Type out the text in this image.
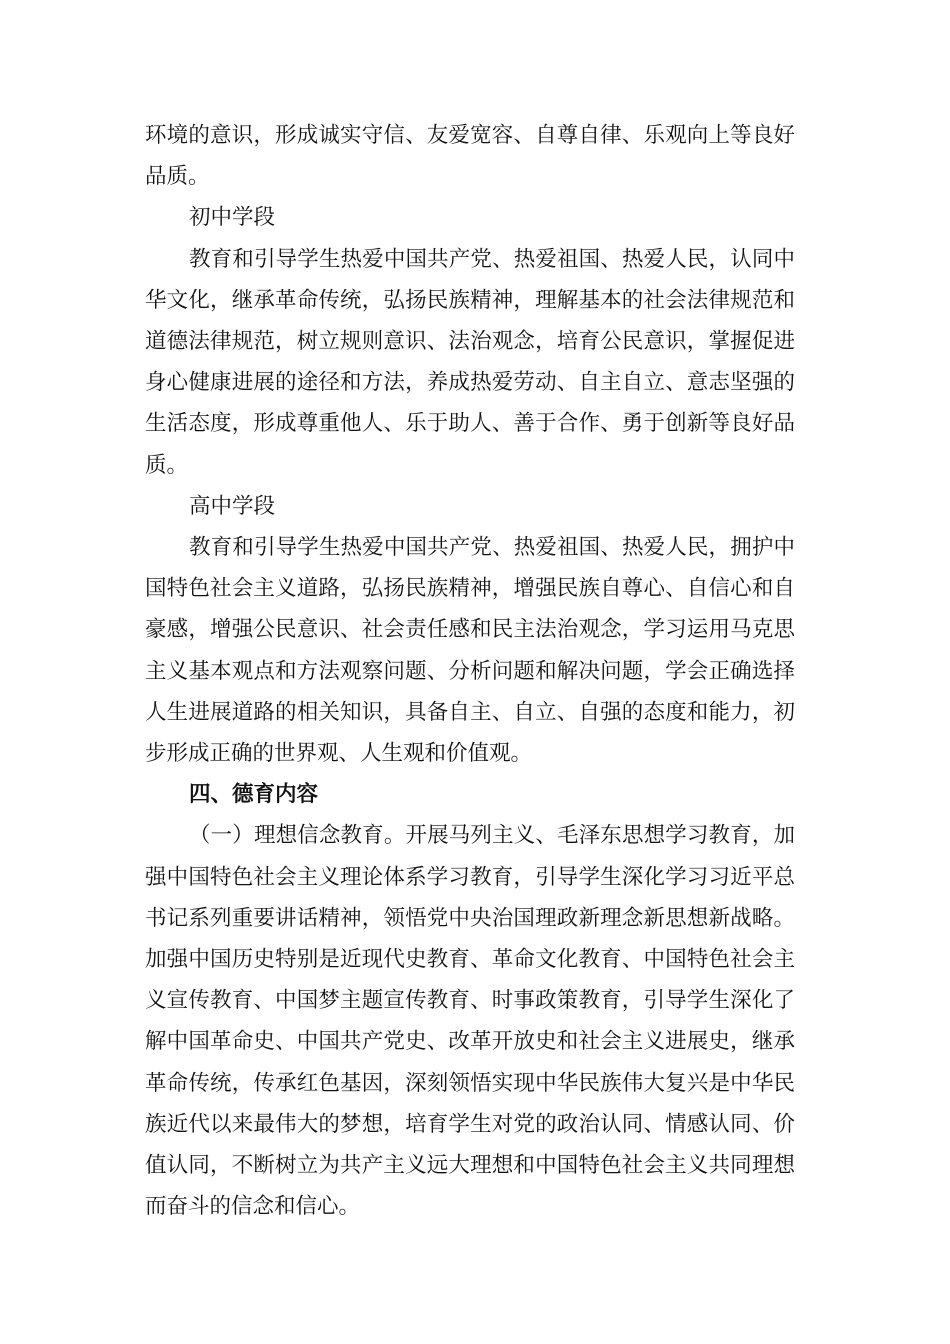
环境的意识，形成诚实守信、友爱宽容、自尊自律、乐观向上等良好品质。

初中学段

教育和引导学生热爱中国共产党、热爱祖国、热爱人民，认同中华文化，继承革命传统，弘扬民族精神，理解基本的社会法律规范和道德法律规范，树立规则意识、法治观念，培育公民意识，掌握促进身心健康进展的途径和方法，养成热爱劳动、自主自立、意志坚强的生活态度，形成尊重他人、乐于助人、善于合作、勇于创新等良好品质。

高中学段

教育和引导学生热爱中国共产党、热爱祖国、热爱人民，拥护中国特色社会主义道路，弘扬民族精神，增强民族自尊心、自信心和自豪感，增强公民意识、社会责任感和民主法治观念，学习运用马克思主义基本观点和方法观察问题、分析问题和解决问题，学会正确选择人生进展道路的相关知识，具备自主、自立、自强的态度和能力，初步形成正确的世界观、人生观和价值观。

四、德育内容

（一）理想信念教育。开展马列主义、毛泽东思想学习教育，加强中国特色社会主义理论体系学习教育，引导学生深化学习习近平总书记系列重要讲话精神，领悟党中央治国理政新理念新思想新战略。加强中国历史特别是近现代史教育、革命文化教育、中国特色社会主义宣传教育、中国梦主题宣传教育、时事政策教育，引导学生深化了解中国革命史、中国共产党史、改革开放史和社会主义进展史，继承革命传统，传承红色基因，深刻领悟实现中华民族伟大复兴是中华民族近代以来最伟大的梦想，培育学生对党的政治认同、情感认同、价值认同，不断树立为共产主义远大理想和中国特色社会主义共同理想而奋斗的信念和信心。
